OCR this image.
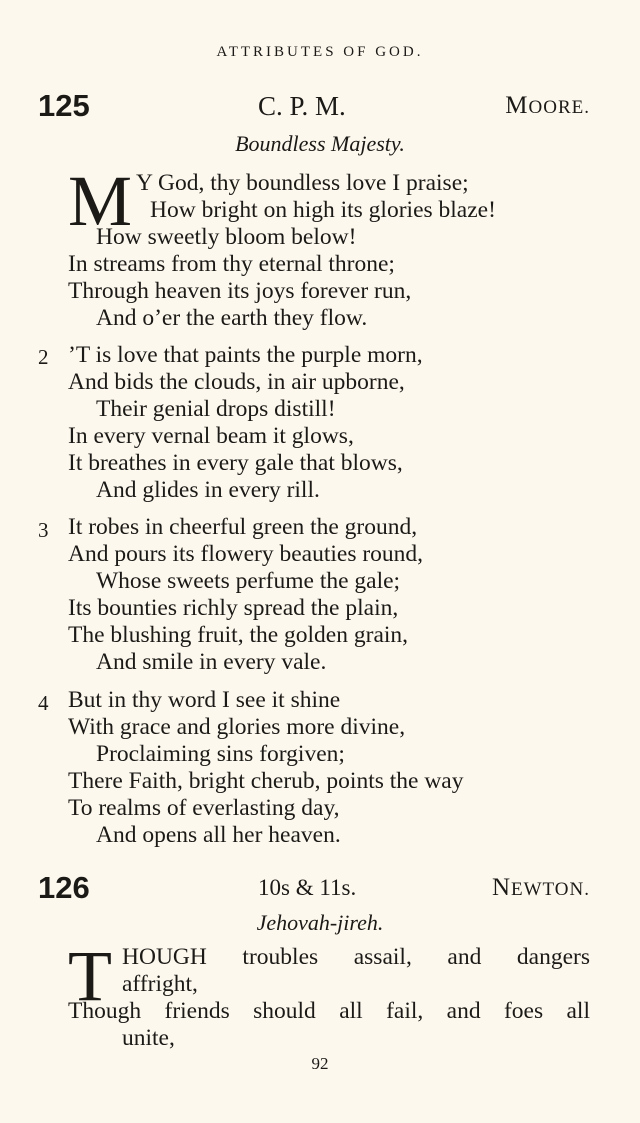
ATTRIBUTES OF GOD.
125	C. P. M.	MOORE.
Boundless Majesty.
M Y God, thy boundless love I praise;
How bright on high its glories blaze!
How sweetly bloom below!
In streams from thy eternal throne;
Through heaven its joys forever run,
And o’er the earth they flow.
2 ’T is love that paints the purple morn,
And bids the clouds, in air upborne,
Their genial drops distill!
In every vernal beam it glows,
It breathes in every gale that blows,
And glides in every rill.
3 It robes in cheerful green the ground,
And pours its flowery beauties round,
Whose sweets perfume the gale;
Its bounties richly spread the plain,
The blushing fruit, the golden grain,
And smile in every vale.
4 But in thy word I see it shine
With grace and glories more divine,
Proclaiming sins forgiven;
There Faith, bright cherub, points the way
To realms of everlasting day,
And opens all her heaven.
126	10s & 11s.	NEWTON.
Jehovah-jireh.
T HOUGH troubles assail, and dangers
affright,
Though friends should all fail, and foes all
unite,
92
